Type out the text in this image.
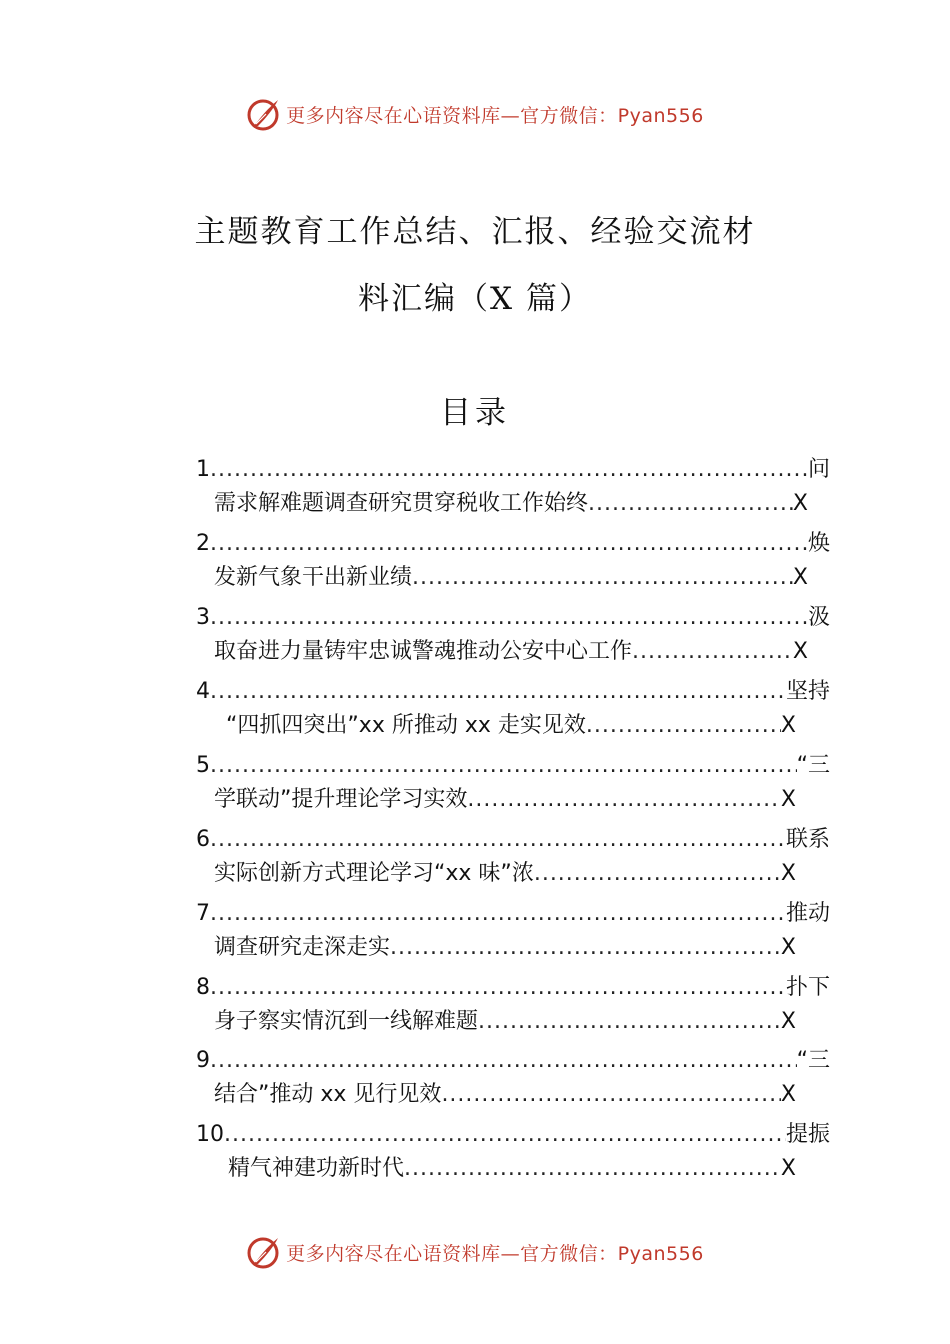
更多内容尽在心语资料库—官方微信：Pyan556
主题教育工作总结、汇报、经验交流材
料汇编（X 篇）
目录
1 .....	问
需求解难题调查研究贯穿税收工作始终 .....	X
2 .....	焕
发新气象干出新业绩 .....	X
3 .....	汲
取奋进力量铸牢忠诚警魂推动公安中心工作 .....	X
4 .....	坚持
“四抓四突出”xx 所推动 xx 走实见效 .....	X
5 .....	“三
学联动”提升理论学习实效 .....	X
6 .....	联系
实际创新方式理论学习“xx 味”浓 .....	X
7 .....	推动
调查研究走深走实 .....	X
8 .....	扑下
身子察实情沉到一线解难题 .....	X
9 .....	“三
结合”推动 xx 见行见效 .....	X
10 .....	提振
精气神建功新时代 .....	X
更多内容尽在心语资料库—官方微信：Pyan556
